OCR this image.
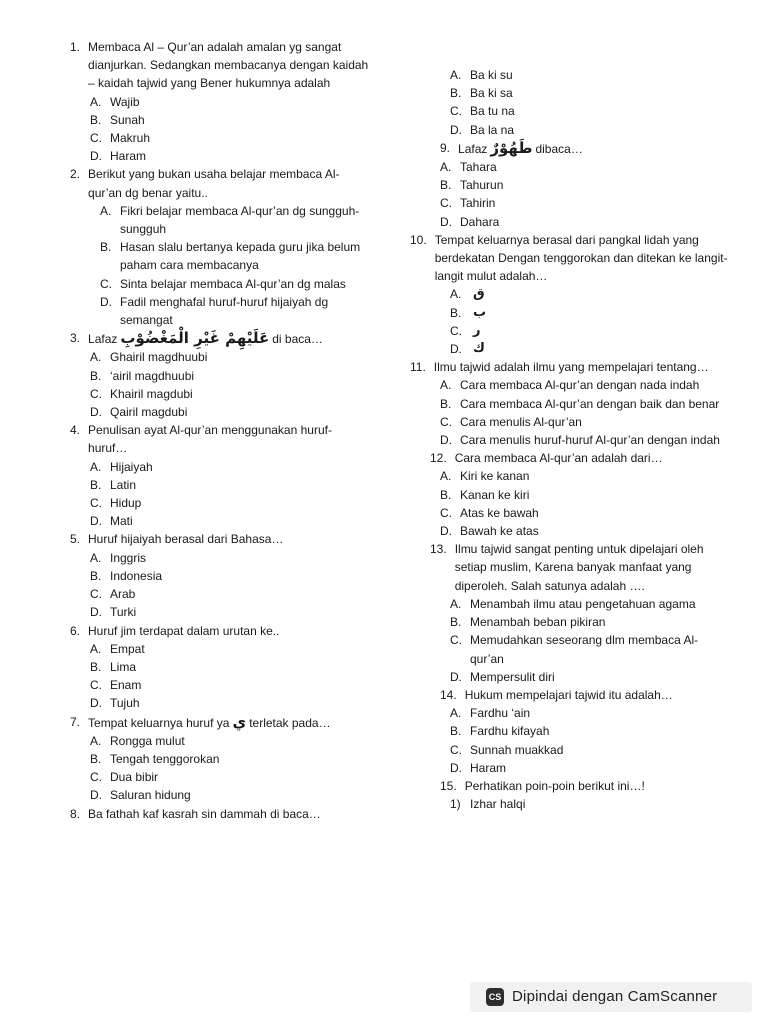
1. Membaca Al – Qur’an adalah amalan yg sangat dianjurkan. Sedangkan membacanya dengan kaidah – kaidah tajwid yang Bener hukumnya adalah
A. Wajib
B. Sunah
C. Makruh
D. Haram
2. Berikut yang bukan usaha belajar membaca Al-qur’an dg benar yaitu..
A. Fikri belajar membaca Al-qur’an dg sungguh-sungguh
B. Hasan slalu bertanya kepada guru jika belum paham cara membacanya
C. Sinta belajar membaca Al-qur’an dg malas
D. Fadil menghafal huruf-huruf hijaiyah dg semangat
3. Lafaz عَلَيْهِمْ غَيْرِ الْمَغْضُوْبِ di baca…
A. Ghairil magdhuubi
B. ‘airil magdhuubi
C. Khairil magdubi
D. Qairil magdubi
4. Penulisan ayat Al-qur’an menggunakan huruf-huruf…
A. Hijaiyah
B. Latin
C. Hidup
D. Mati
5. Huruf hijaiyah berasal dari Bahasa…
A. Inggris
B. Indonesia
C. Arab
D. Turki
6. Huruf jim terdapat dalam urutan ke..
A. Empat
B. Lima
C. Enam
D. Tujuh
7. Tempat keluarnya huruf ya ي terletak pada…
A. Rongga mulut
B. Tengah tenggorokan
C. Dua bibir
D. Saluran hidung
8. Ba fathah kaf kasrah sin dammah di baca…
A. Ba ki su
B. Ba ki sa
C. Ba tu na
D. Ba la na
9. Lafaz طَهُوْرٌ dibaca…
A. Tahara
B. Tahurun
C. Tahirin
D. Dahara
10. Tempat keluarnya berasal dari pangkal lidah yang berdekatan Dengan tenggorokan dan ditekan ke langit-langit mulut adalah…
A. ق
B. ب
C. ر
D. ك
11. Ilmu tajwid adalah ilmu yang mempelajari tentang…
A. Cara membaca Al-qur’an dengan nada indah
B. Cara membaca Al-qur’an dengan baik dan benar
C. Cara menulis Al-qur’an
D. Cara menulis huruf-huruf Al-qur’an dengan indah
12. Cara membaca Al-qur’an adalah dari…
A. Kiri ke kanan
B. Kanan ke kiri
C. Atas ke bawah
D. Bawah ke atas
13. Ilmu tajwid sangat penting untuk dipelajari oleh setiap muslim, Karena banyak manfaat yang diperoleh. Salah satunya adalah ….
A. Menambah ilmu atau pengetahuan agama
B. Menambah beban pikiran
C. Memudahkan seseorang dlm membaca Al-qur’an
D. Mempersulit diri
14. Hukum mempelajari tajwid itu adalah…
A. Fardhu ‘ain
B. Fardhu kifayah
C. Sunnah muakkad
D. Haram
15. Perhatikan poin-poin berikut ini…!
1) Izhar halqi
CS Dipindai dengan CamScanner
